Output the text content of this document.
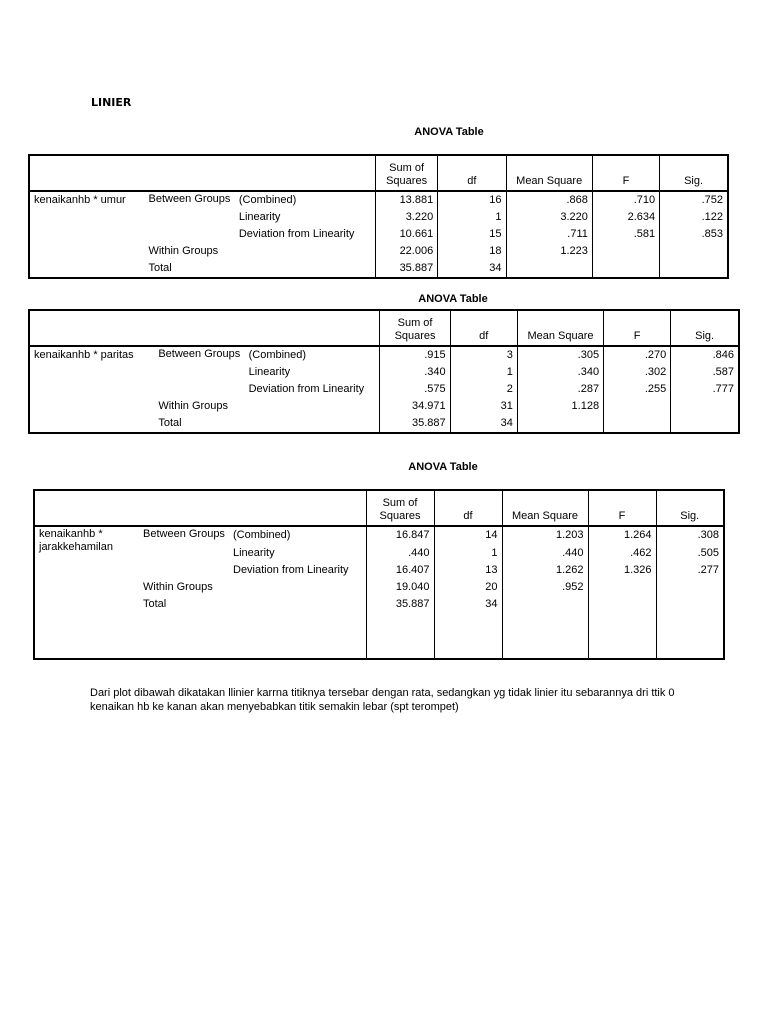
LINIER
ANOVA Table
			Sum of Squares	df	Mean Square	F	Sig.
kenaikanhb * umur	Between Groups	(Combined)	13.881	16	.868	.710	.752
		Linearity	3.220	1	3.220	2.634	.122
		Deviation from Linearity	10.661	15	.711	.581	.853
	Within Groups		22.006	18	1.223		
	Total		35.887	34			
ANOVA Table
			Sum of Squares	df	Mean Square	F	Sig.
kenaikanhb * paritas	Between Groups	(Combined)	.915	3	.305	.270	.846
		Linearity	.340	1	.340	.302	.587
		Deviation from Linearity	.575	2	.287	.255	.777
	Within Groups		34.971	31	1.128		
	Total		35.887	34			
ANOVA Table
			Sum of Squares	df	Mean Square	F	Sig.
kenaikanhb * jarakkehamilan	Between Groups	(Combined)	16.847	14	1.203	1.264	.308
		Linearity	.440	1	.440	.462	.505
		Deviation from Linearity	16.407	13	1.262	1.326	.277
	Within Groups		19.040	20	.952		
	Total		35.887	34			

Dari plot dibawah dikatakan llinier karrna titiknya tersebar dengan rata, sedangkan yg tidak linier itu sebarannya dri ttik 0 kenaikan hb ke kanan akan menyebabkan titik semakin lebar (spt terompet)
